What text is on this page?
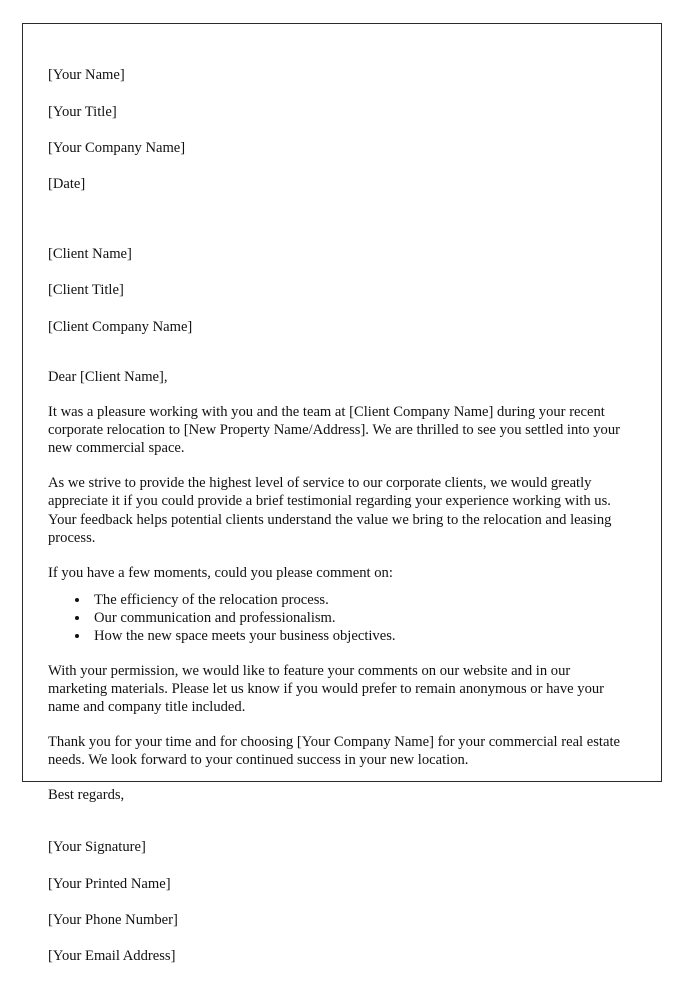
[Your Name]

[Your Title]

[Your Company Name]

[Date]

[Client Name]

[Client Title]

[Client Company Name]

Dear [Client Name],

It was a pleasure working with you and the team at [Client Company Name] during your recent corporate relocation to [New Property Name/Address]. We are thrilled to see you settled into your new commercial space.

As we strive to provide the highest level of service to our corporate clients, we would greatly appreciate it if you could provide a brief testimonial regarding your experience working with us. Your feedback helps potential clients understand the value we bring to the relocation and leasing process.

If you have a few moments, could you please comment on:

• The efficiency of the relocation process.
• Our communication and professionalism.
• How the new space meets your business objectives.

With your permission, we would like to feature your comments on our website and in our marketing materials. Please let us know if you would prefer to remain anonymous or have your name and company title included.

Thank you for your time and for choosing [Your Company Name] for your commercial real estate needs. We look forward to your continued success in your new location.

Best regards,

[Your Signature]

[Your Printed Name]

[Your Phone Number]

[Your Email Address]
